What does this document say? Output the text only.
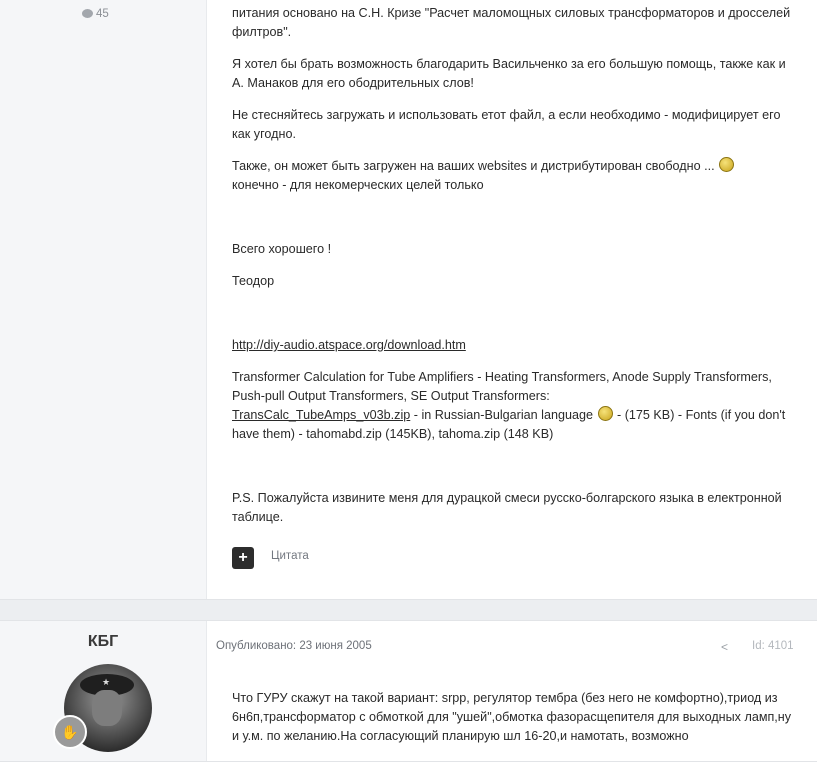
45	питания основано на С.Н. Кризе "Расчет маломощных силовых трансформаторов и дросселей филтров".

Я хотел бы брать возможность благодарить Васильченко за его большую помощь, также как и А. Манаков для его ободрительных слов!

Не стесняйтесь загружать и использовать етот файл, а если необходимо - модифицирует его как угодно.

Также, он может быть загружен на ваших websites и дистрибутирован свободно ...
конечно - для некомерческих целей только

Всего хорошего !

Теодор

http://diy-audio.atspace.org/download.htm

Transformer Calculation for Tube Amplifiers - Heating Transformers, Anode Supply Transformers, Push-pull Output Transformers, SE Output Transformers:
TransCalc_TubeAmps_v03b.zip - in Russian-Bulgarian language  - (175 KB) - Fonts (if you don't have them) - tahomabd.zip (145KB), tahoma.zip (148 KB)

P.S. Пожалуйста извините меня для дурацкой смеси русско-болгарского языка в електронной таблице.

+	Цитата
КБГ
★
✋
Опубликовано: 23 июня 2005	< Id: 4101

Что ГУРУ скажут на такой вариант: srpp, регулятор тембра (без него не комфортно),триод из 6н6п,трансформатор с обмоткой для "ушей",обмотка фазорасщепителя для выходных ламп,ну и у.м. по желанию.На согласующий планирую шл 16-20,и намотать, возможно
